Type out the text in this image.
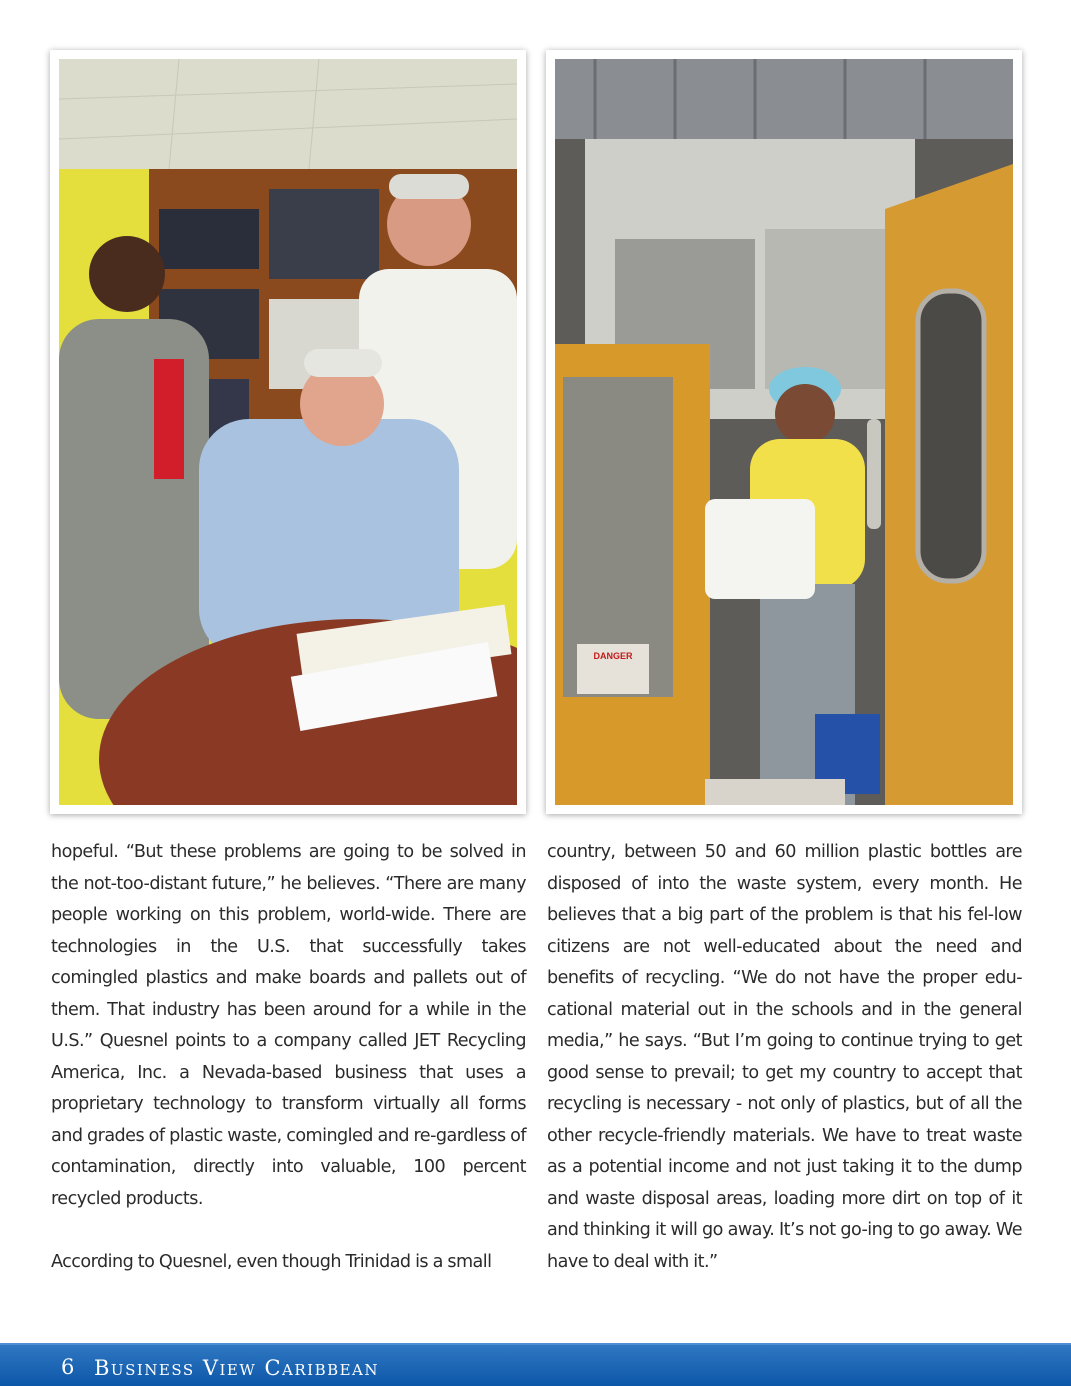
DANGER

hopeful. “But these problems are going to be solved in the not-too-distant future,” he believes. “There are many people working on this problem, world-wide. There are technologies in the U.S. that successfully takes comingled plastics and make boards and pallets out of them. That industry has been around for a while in the U.S.” Quesnel points to a company called JET Recycling America, Inc. a Nevada-based business that uses a proprietary technology to transform virtually all forms and grades of plastic waste, comingled and re-gardless of contamination, directly into valuable, 100 percent recycled products.

According to Quesnel, even though Trinidad is a small

country, between 50 and 60 million plastic bottles are disposed of into the waste system, every month. He believes that a big part of the problem is that his fel-low citizens are not well-educated about the need and benefits of recycling. “We do not have the proper edu-cational material out in the schools and in the general media,” he says. “But I’m going to continue trying to get good sense to prevail; to get my country to accept that recycling is necessary - not only of plastics, but of all the other recycle-friendly materials. We have to treat waste as a potential income and not just taking it to the dump and waste disposal areas, loading more dirt on top of it and thinking it will go away. It’s not go-ing to go away. We have to deal with it.”

6 Business View Caribbean
